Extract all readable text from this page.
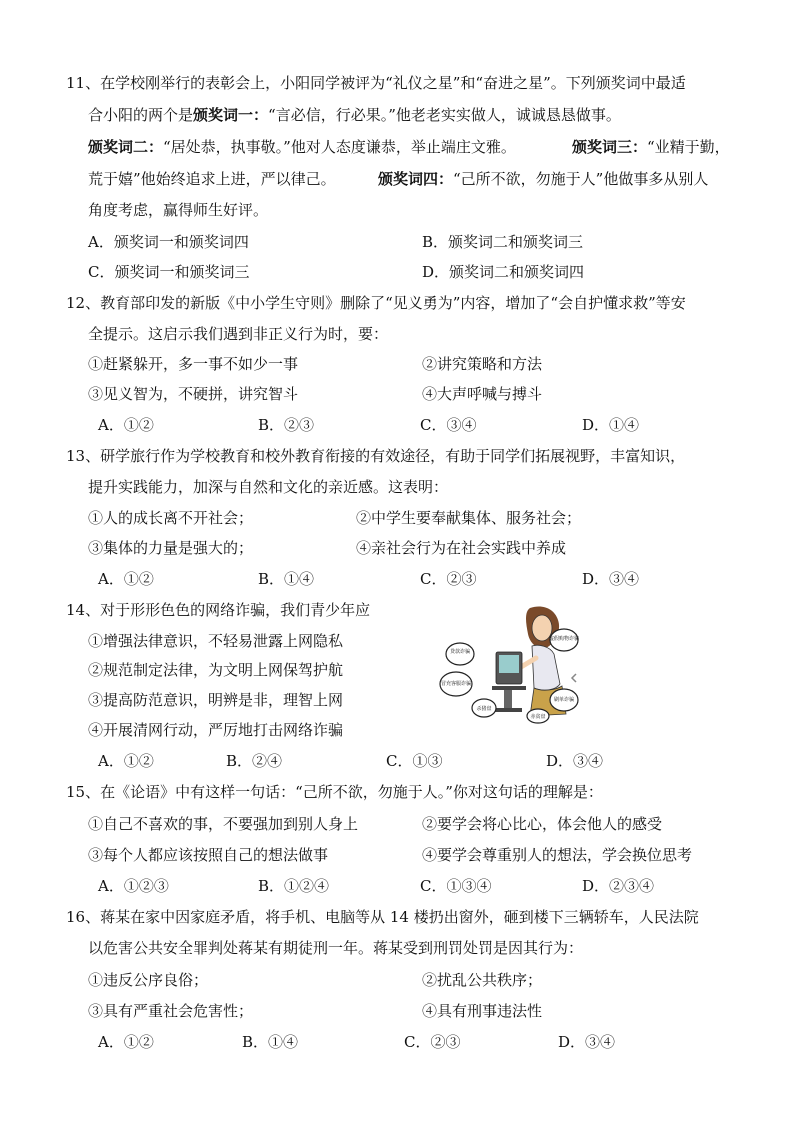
11、在学校刚举行的表彰会上，小阳同学被评为“礼仪之星”和“奋进之星”。下列颁奖词中最适
合小阳的两个是颁奖词一：“言必信，行必果。”他老老实实做人，诚诚恳恳做事。
颁奖词二：“居处恭，执事敬。”他对人态度谦恭，举止端庄文雅。	颁奖词三：“业精于勤，
荒于嬉”他始终追求上进，严以律己。	颁奖词四：“己所不欲，勿施于人”他做事多从别人
角度考虑，赢得师生好评。
A．颁奖词一和颁奖词四	B．颁奖词二和颁奖词三
C．颁奖词一和颁奖词三	D．颁奖词二和颁奖词四
12、教育部印发的新版《中小学生守则》删除了“见义勇为”内容，增加了“会自护懂求救”等安
全提示。这启示我们遇到非正义行为时，要：
①赶紧躲开，多一事不如少一事	②讲究策略和方法
③见义智为，不硬拼，讲究智斗	④大声呼喊与搏斗
A．①②	B．②③	C．③④	D．①④
13、研学旅行作为学校教育和校外教育衔接的有效途径，有助于同学们拓展视野，丰富知识，
提升实践能力，加深与自然和文化的亲近感。这表明：
①人的成长离不开社会；	②中学生要奉献集体、服务社会；
③集体的力量是强大的；	④亲社会行为在社会实践中养成
A．①②	B．①④	C．②③	D．③④
14、对于形形色色的网络诈骗，我们青少年应
①增强法律意识，不轻易泄露上网隐私
②规范制定法律，为文明上网保驾护航
③提高防范意识，明辨是非，理智上网
④开展清网行动，严厉地打击网络诈骗
A．①②	B．②④	C．①③	D．③④
贷款诈骗
虚假购物诈骗
冒充客服诈骗
刷单诈骗
杀猪盘
赤贫盘
15、在《论语》中有这样一句话：“己所不欲，勿施于人。”你对这句话的理解是：
①自己不喜欢的事，不要强加到别人身上	②要学会将心比心，体会他人的感受
③每个人都应该按照自己的想法做事	④要学会尊重别人的想法，学会换位思考
A．①②③	B．①②④	C．①③④	D．②③④
16、蒋某在家中因家庭矛盾，将手机、电脑等从 14 楼扔出窗外，砸到楼下三辆轿车，人民法院
以危害公共安全罪判处蒋某有期徒刑一年。蒋某受到刑罚处罚是因其行为：
①违反公序良俗；	②扰乱公共秩序；
③具有严重社会危害性；	④具有刑事违法性
A．①②	B．①④	C．②③	D．③④
